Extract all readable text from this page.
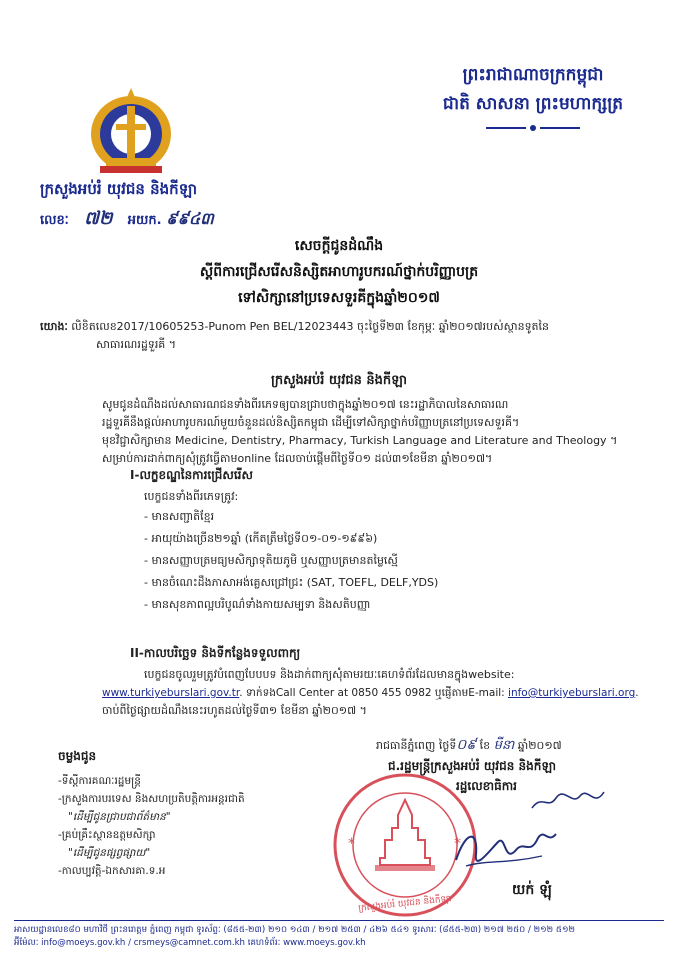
ព្រះរាជាណាចក្រកម្ពុជា
ជាតិ សាសនា ព្រះមហាក្សត្រ
ក្រសួងអប់រំ យុវជន និងកីឡា
លេខៈ ៧២ អយក. ៩៩៤៣
សេចក្តីជូនដំណឹង
ស្តីពីការជ្រើសរើសនិស្សិតអាហារូបករណ៍ថ្នាក់បរិញ្ញាបត្រ
ទៅសិក្សានៅប្រទេសទួរគីក្នុងឆ្នាំ២០១៧
យោងៈ លិខិតលេខ2017/10605253-Punom Pen BEL/12023443 ចុះថ្ងៃទី២៣ ខែកុម្ភៈ ឆ្នាំ២០១៧របស់ស្ថានទូតនៃ
សាធារណរដ្ឋទួរគី ។
ក្រសួងអប់រំ យុវជន និងកីឡា
សូមជូនដំណឹងដល់សាធារណជនទាំងពីរភេទឲ្យបានជ្រាបថាក្នុងឆ្នាំ២០១៧ នេះរដ្ឋាភិបាលនៃសាធារណ
រដ្ឋទួរគីនឹងផ្តល់អាហារូបករណ៍មួយចំនួនដល់និស្សិតកម្ពុជា ដើម្បីទៅសិក្សាថ្នាក់បរិញ្ញាបត្រនៅប្រទេសទួរគី។
មុខវិជ្ជាសិក្សាមាន Medicine, Dentistry, Pharmacy, Turkish Language and Literature and Theology ។
សម្រាប់ការដាក់ពាក្យសុំត្រូវធ្វើតាមonline ដែលចាប់ផ្តើមពីថ្ងៃទី០១ ដល់៣១ខែមីនា ឆ្នាំ២០១៧។
I-លក្ខខណ្ឌនៃការជ្រើសរើស
បេក្ខជនទាំងពីរភេទត្រូវ:
- មានសញ្ជាតិខ្មែរ
- អាយុយ៉ាងច្រើន២១ឆ្នាំ (កើតត្រឹមថ្ងៃទី០១-០១-១៩៩៦)
- មានសញ្ញាបត្រមធ្យមសិក្សាទុតិយភូមិ ឬសញ្ញាបត្រមានតម្លៃស្មើ
- មានចំណេះដឹងភាសាអង់គ្លេសជ្រៅជ្រះ (SAT, TOEFL, DELF,YDS)
- មានសុខភាពល្អបរិបូណ៌ទាំងកាយសម្បទា និងសតិបញ្ញា
II-កាលបរិច្ឆេទ និងទីកន្លែងទទួលពាក្យ
បេក្ខជនចូលរួមត្រូវបំពេញបែបបទ និងដាក់ពាក្យសុំតាមរយៈគេហទំព័រដែលមានក្នុងwebsite:
www.turkiyeburslari.gov.tr. ទាក់ទងCall Center at 0850 455 0982 ឬផ្ញើតាមE-mail: info@turkiyeburslari.org.
ចាប់ពីថ្ងៃផ្សាយដំណឹងនេះរហូតដល់ថ្ងៃទី៣១ ខែមីនា ឆ្នាំ២០១៧ ។
រាជធានីភ្នំពេញ ថ្ងៃទី០៩ ខែ មីនា ឆ្នាំ២០១៧
ជ.រដ្ឋមន្ត្រីក្រសួងអប់រំ យុវជន និងកីឡា
រដ្ឋលេខាធិការ
*	*
ក្រសួងអប់រំ យុវជន និងកីឡា
យក់ ឡុំ
ចម្លងជូន
-ទីស្តីការគណៈរដ្ឋមន្ត្រី
-ក្រសួងការបរទេស និងសហប្រតិបត្តិការអន្តរជាតិ
"ដើម្បីជូនជ្រាបជាព័ត៌មាន"
-គ្រប់គ្រឹះស្ថានឧត្តមសិក្សា
"ដើម្បីជូនផ្សព្វផ្សាយ"
-កាលប្បវត្តិ-ឯកសារគា.ទ.អ
អាសយដ្ឋានលេខ៨០ មហាវិថី ព្រះនរោត្តម ភ្នំពេញ កម្ពុជា ទូរស័ព្ទៈ (៨៥៥-២៣) ២១០ ១៤៣ / ២១៧ ២៥៣ / ៤២៦ ៥៤១ ទូរសារៈ (៨៥៥-២៣) ២១៧ ២៥០ / ២១២ ៥១២
អ៊ីម៉ែលៈ info@moeys.gov.kh / crsmeys@camnet.com.kh គេហទំព័រៈ www.moeys.gov.kh
